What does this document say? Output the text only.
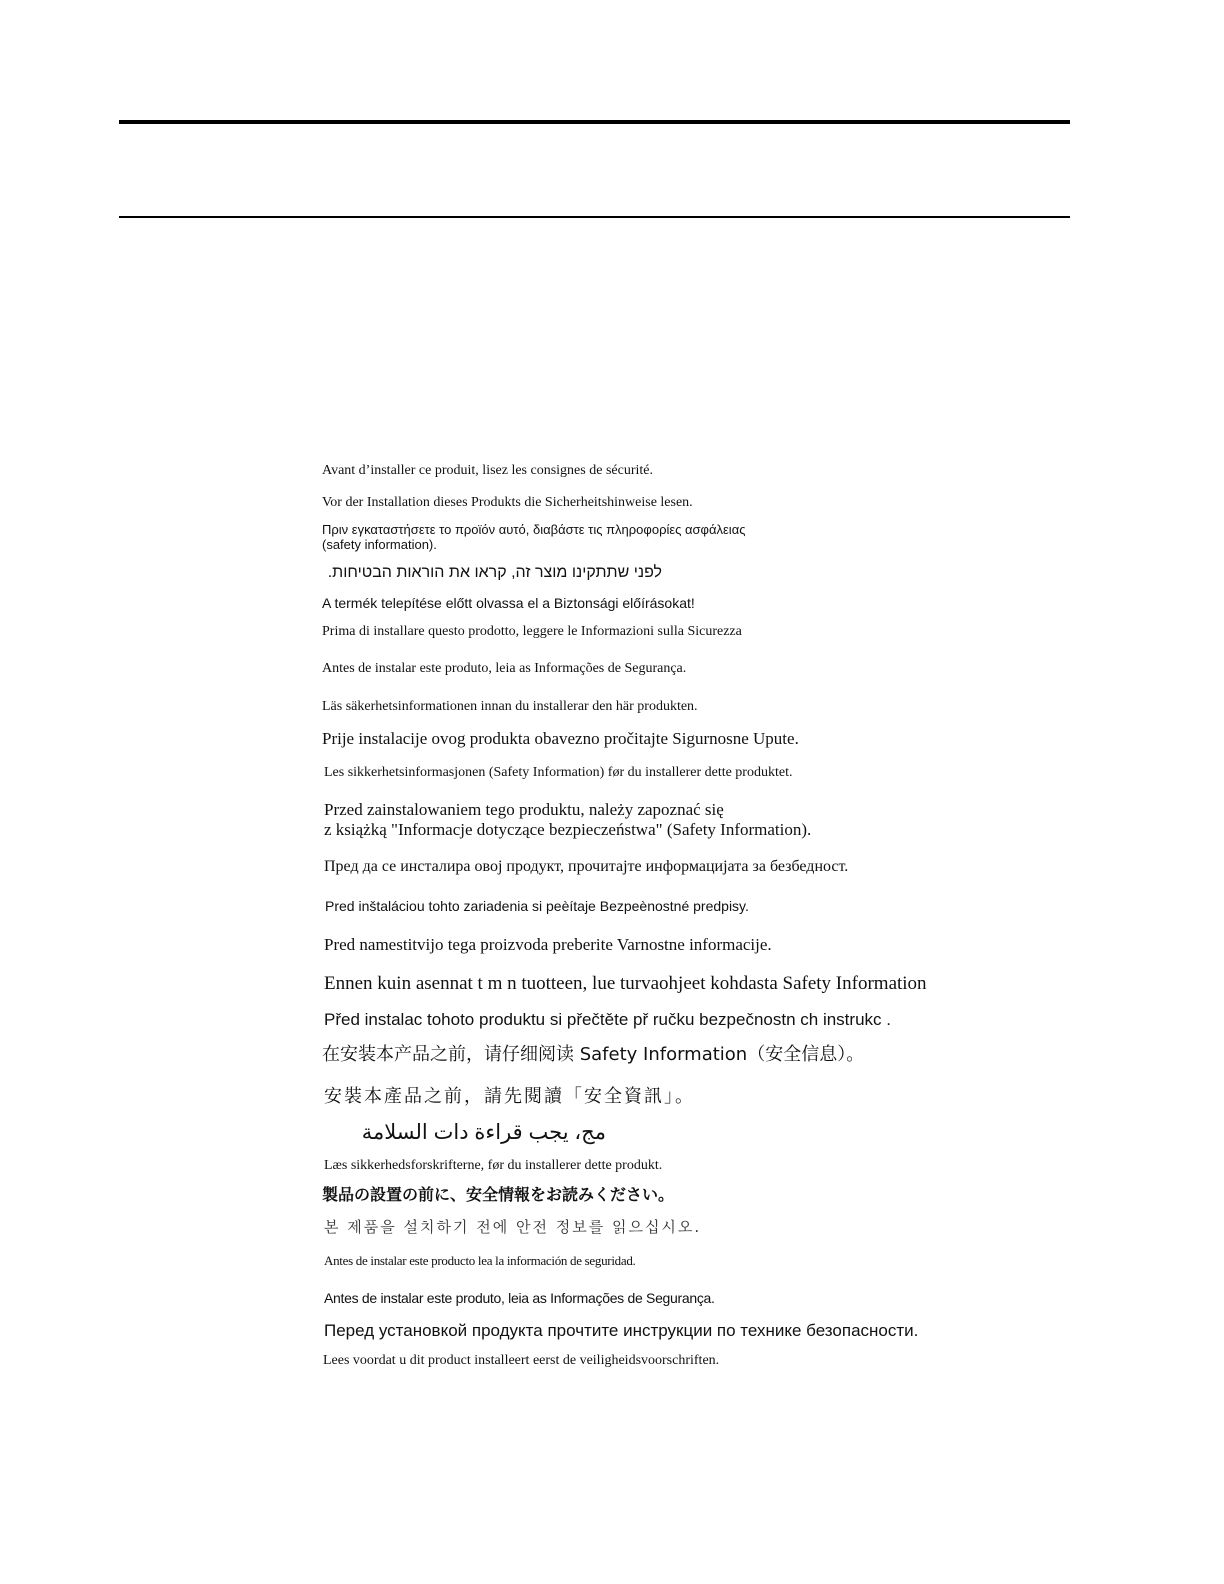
Avant d’installer ce produit, lisez les consignes de sécurité.
Vor der Installation dieses Produkts die Sicherheitshinweise lesen.
Πριν εγκαταστήσετε το προϊόν αυτό, διαβάστε τις πληροφορίες ασφάλειας
(safety information).
לפני שתתקינו מוצר זה, קראו את הוראות הבטיחות.
A termék telepítése előtt olvassa el a Biztonsági előírásokat!
Prima di installare questo prodotto, leggere le Informazioni sulla Sicurezza
Antes de instalar este produto, leia as Informações de Segurança.
Läs säkerhetsinformationen innan du installerar den här produkten.
Prije instalacije ovog produkta obavezno pročitajte Sigurnosne Upute.
Les sikkerhetsinformasjonen (Safety Information) før du installerer dette produktet.
Przed zainstalowaniem tego produktu, należy zapoznać się
z książką "Informacje dotyczące bezpieczeństwa" (Safety Information).
Пред да се инсталира овој продукт, прочитајте информацијата за безбедност.
Pred inštaláciou tohto zariadenia si peèítaje Bezpeènostné predpisy.
Pred namestitvijo tega proizvoda preberite Varnostne informacije.
Ennen kuin asennat t m n tuotteen, lue turvaohjeet kohdasta Safety Information
Před instalac tohoto produktu si přečtěte př ručku bezpečnostn ch instrukc .
在安装本产品之前，请仔细阅读 Safety Information（安全信息）。
安裝本產品之前，請先閱讀「安全資訊」。
مج، يجب قراءة دات السلامة
Læs sikkerhedsforskrifterne, før du installerer dette produkt.
製品の設置の前に、安全情報をお読みください。
본 제품을 설치하기 전에 안전 정보를 읽으십시오.
Antes de instalar este producto lea la información de seguridad.
Antes de instalar este produto, leia as Informações de Segurança.
Перед установкой продукта прочтите инструкции по технике безопасности.
Lees voordat u dit product installeert eerst de veiligheidsvoorschriften.
